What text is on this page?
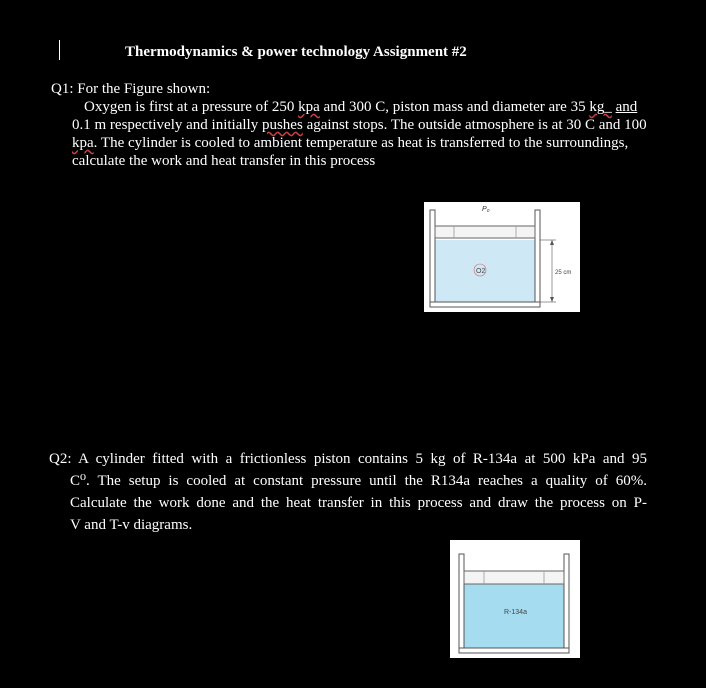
Thermodynamics & power technology Assignment #2
Q1: For the Figure shown:
Oxygen is first at a pressure of 250 kpa and 300 C, piston mass and diameter are 35 kg_ and 0.1 m respectively and initially pushes against stops. The outside atmosphere is at 30 C and 100 kpa. The cylinder is cooled to ambient temperature as heat is transferred to the surroundings, calculate the work and heat transfer in this process
P₀
O2	25 cm
Q2: A cylinder fitted with a frictionless piston contains 5 kg of R-134a at 500 kPa and 95
C⁰. The setup is cooled at constant pressure until the R134a reaches a quality of 60%.
Calculate the work done and the heat transfer in this process and draw the process on P-
V and T-v diagrams.
R-134a
